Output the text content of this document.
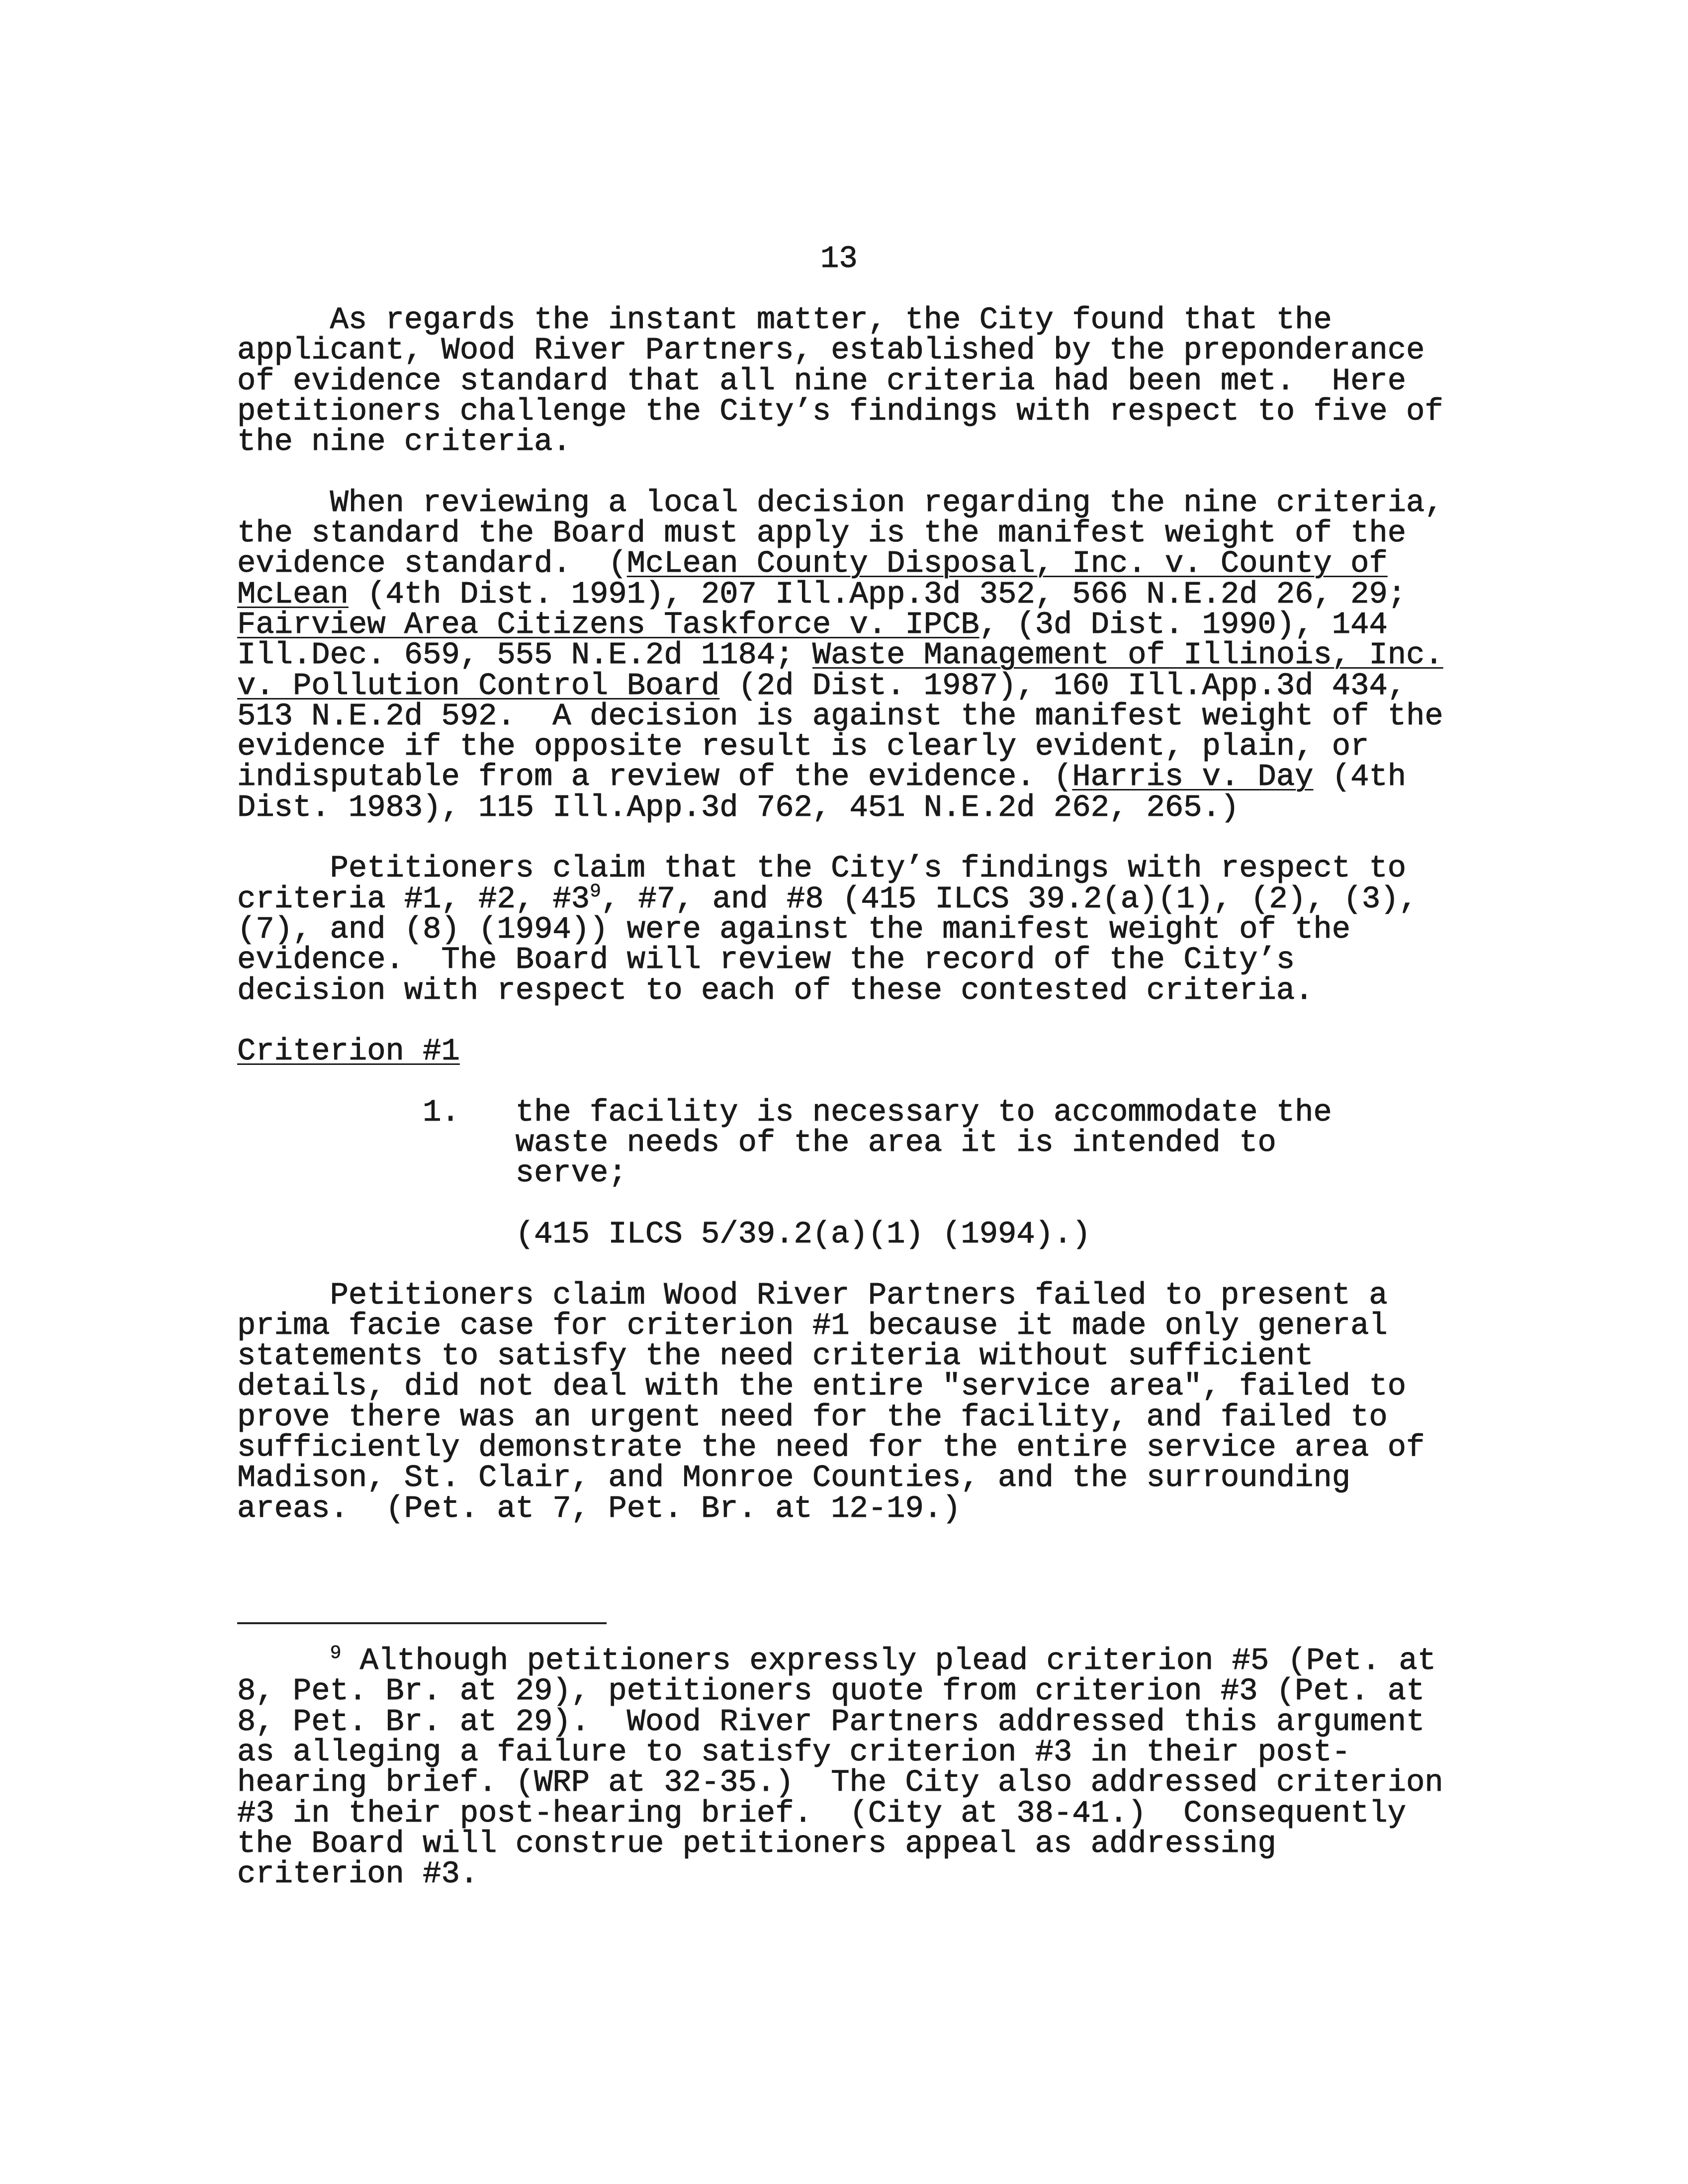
13
As regards the instant matter, the City found that the
applicant, Wood River Partners, established by the preponderance
of evidence standard that all nine criteria had been met.  Here
petitioners challenge the City’s findings with respect to five of
the nine criteria.
When reviewing a local decision regarding the nine criteria,
the standard the Board must apply is the manifest weight of the
evidence standard.  (McLean County Disposal, Inc. v. County of
McLean (4th Dist. 1991), 207 Ill.App.3d 352, 566 N.E.2d 26, 29;
Fairview Area Citizens Taskforce v. IPCB, (3d Dist. 1990), 144
Ill.Dec. 659, 555 N.E.2d 1184; Waste Management of Illinois, Inc.
v. Pollution Control Board (2d Dist. 1987), 160 Ill.App.3d 434,
513 N.E.2d 592.  A decision is against the manifest weight of the
evidence if the opposite result is clearly evident, plain, or
indisputable from a review of the evidence. (Harris v. Day (4th
Dist. 1983), 115 Ill.App.3d 762, 451 N.E.2d 262, 265.)
Petitioners claim that the City’s findings with respect to
criteria #1, #2, $\#3^9$, #7, and #8 (415 ILCS 39.2(a)(1), (2), (3),
(7), and (8) (1994)) were against the manifest weight of the
evidence.  The Board will review the record of the City’s
decision with respect to each of these contested criteria.
Criterion #1
1. the facility is necessary to accommodate the
waste needs of the area it is intended to
serve;
(415 ILCS 5/39.2(a)(1) (1994).)
Petitioners claim Wood River Partners failed to present a
prima facie case for criterion #1 because it made only general
statements to satisfy the need criteria without sufficient
details, did not deal with the entire "service area", failed to
prove there was an urgent need for the facility, and failed to
sufficiently demonstrate the need for the entire service area of
Madison, St. Clair, and Monroe Counties, and the surrounding
areas.  (Pet. at 7, Pet. Br. at 12-19.)
$^9$ Although petitioners expressly plead criterion #5 (Pet. at
8, Pet. Br. at 29), petitioners quote from criterion #3 (Pet. at
8, Pet. Br. at 29).  Wood River Partners addressed this argument
as alleging a failure to satisfy criterion #3 in their post-
hearing brief. (WRP at 32-35.)  The City also addressed criterion
#3 in their post-hearing brief.  (City at 38-41.)  Consequently
the Board will construe petitioners appeal as addressing
criterion #3.
